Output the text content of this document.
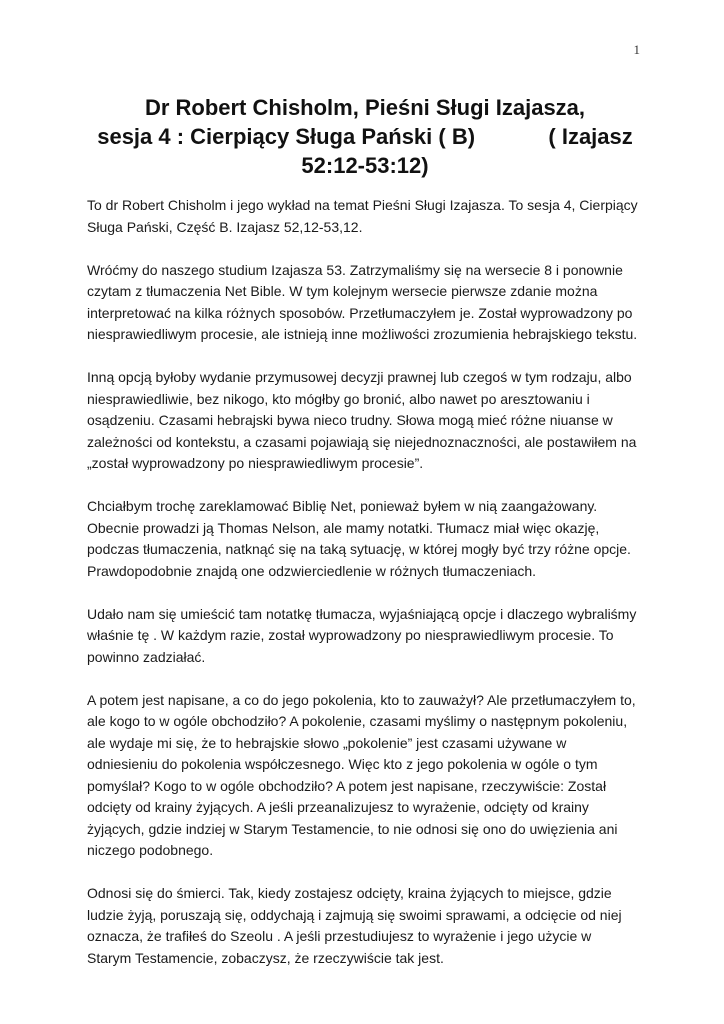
1
Dr Robert Chisholm, Pieśni Sługi Izajasza,
sesja 4 : Cierpiący Sługa Pański ( B)            ( Izajasz
52:12-53:12)

To dr Robert Chisholm i jego wykład na temat Pieśni Sługi Izajasza. To sesja 4, Cierpiący Sługa Pański, Część B. Izajasz 52,12-53,12.

Wróćmy do naszego studium Izajasza 53. Zatrzymaliśmy się na wersecie 8 i ponownie czytam z tłumaczenia Net Bible. W tym kolejnym wersecie pierwsze zdanie można interpretować na kilka różnych sposobów. Przetłumaczyłem je. Został wyprowadzony po niesprawiedliwym procesie, ale istnieją inne możliwości zrozumienia hebrajskiego tekstu.

Inną opcją byłoby wydanie przymusowej decyzji prawnej lub czegoś w tym rodzaju, albo niesprawiedliwie, bez nikogo, kto mógłby go bronić, albo nawet po aresztowaniu i osądzeniu. Czasami hebrajski bywa nieco trudny. Słowa mogą mieć różne niuanse w zależności od kontekstu, a czasami pojawiają się niejednoznaczności, ale postawiłem na „został wyprowadzony po niesprawiedliwym procesie”.

Chciałbym trochę zareklamować Biblię Net, ponieważ byłem w nią zaangażowany. Obecnie prowadzi ją Thomas Nelson, ale mamy notatki. Tłumacz miał więc okazję, podczas tłumaczenia, natknąć się na taką sytuację, w której mogły być trzy różne opcje. Prawdopodobnie znajdą one odzwierciedlenie w różnych tłumaczeniach.

Udało nam się umieścić tam notatkę tłumacza, wyjaśniającą opcje i dlaczego wybraliśmy właśnie tę . W każdym razie, został wyprowadzony po niesprawiedliwym procesie. To powinno zadziałać.

A potem jest napisane, a co do jego pokolenia, kto to zauważył? Ale przetłumaczyłem to, ale kogo to w ogóle obchodziło? A pokolenie, czasami myślimy o następnym pokoleniu, ale wydaje mi się, że to hebrajskie słowo „pokolenie” jest czasami używane w odniesieniu do pokolenia współczesnego. Więc kto z jego pokolenia w ogóle o tym pomyślał? Kogo to w ogóle obchodziło? A potem jest napisane, rzeczywiście: Został odcięty od krainy żyjących. A jeśli przeanalizujesz to wyrażenie, odcięty od krainy żyjących, gdzie indziej w Starym Testamencie, to nie odnosi się ono do uwięzienia ani niczego podobnego.

Odnosi się do śmierci. Tak, kiedy zostajesz odcięty, kraina żyjących to miejsce, gdzie ludzie żyją, poruszają się, oddychają i zajmują się swoimi sprawami, a odcięcie od niej oznacza, że trafiłeś do Szeolu . A jeśli przestudiujesz to wyrażenie i jego użycie w Starym Testamencie, zobaczysz, że rzeczywiście tak jest.
